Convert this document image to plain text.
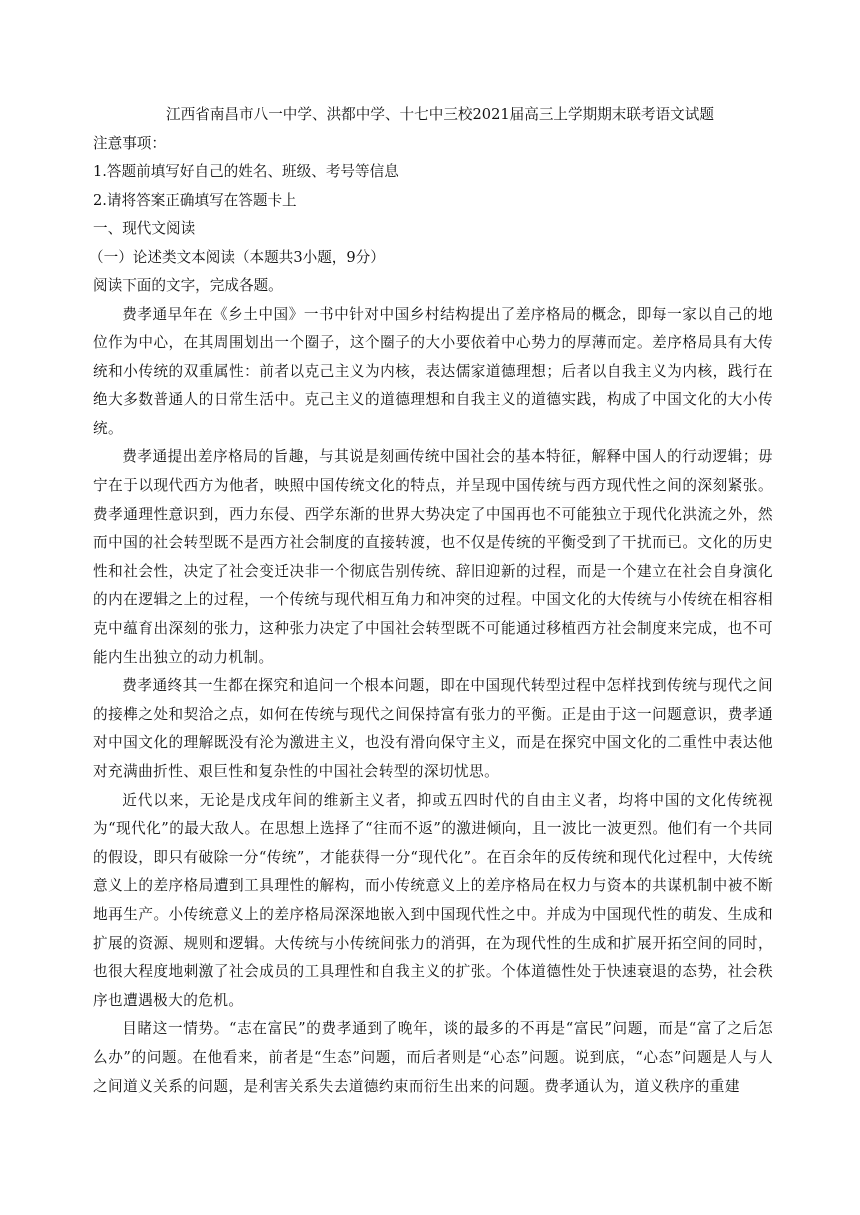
江西省南昌市八一中学、洪都中学、十七中三校2021届高三上学期期末联考语文试题
注意事项：
1.答题前填写好自己的姓名、班级、考号等信息
2.请将答案正确填写在答题卡上
一、现代文阅读
（一）论述类文本阅读（本题共3小题，9分）
阅读下面的文字，完成各题。
费孝通早年在《乡土中国》一书中针对中国乡村结构提出了差序格局的概念，即每一家以自己的地位作为中心，在其周围划出一个圈子，这个圈子的大小要依着中心势力的厚薄而定。差序格局具有大传统和小传统的双重属性：前者以克己主义为内核，表达儒家道德理想；后者以自我主义为内核，践行在绝大多数普通人的日常生活中。克己主义的道德理想和自我主义的道德实践，构成了中国文化的大小传统。
费孝通提出差序格局的旨趣，与其说是刻画传统中国社会的基本特征，解释中国人的行动逻辑；毋宁在于以现代西方为他者，映照中国传统文化的特点，并呈现中国传统与西方现代性之间的深刻紧张。费孝通理性意识到，西力东侵、西学东渐的世界大势决定了中国再也不可能独立于现代化洪流之外，然而中国的社会转型既不是西方社会制度的直接转渡，也不仅是传统的平衡受到了干扰而已。文化的历史性和社会性，决定了社会变迁决非一个彻底告别传统、辞旧迎新的过程，而是一个建立在社会自身演化的内在逻辑之上的过程，一个传统与现代相互角力和冲突的过程。中国文化的大传统与小传统在相容相克中蕴育出深刻的张力，这种张力决定了中国社会转型既不可能通过移植西方社会制度来完成，也不可能内生出独立的动力机制。
费孝通终其一生都在探究和追问一个根本问题，即在中国现代转型过程中怎样找到传统与现代之间的接榫之处和契洽之点，如何在传统与现代之间保持富有张力的平衡。正是由于这一问题意识，费孝通对中国文化的理解既没有沦为激进主义，也没有滑向保守主义，而是在探究中国文化的二重性中表达他对充满曲折性、艰巨性和复杂性的中国社会转型的深切忧思。
近代以来，无论是戊戌年间的维新主义者，抑或五四时代的自由主义者，均将中国的文化传统视为“现代化”的最大敌人。在思想上选择了“往而不返”的激进倾向，且一波比一波更烈。他们有一个共同的假设，即只有破除一分“传统”，才能获得一分“现代化”。在百余年的反传统和现代化过程中，大传统意义上的差序格局遭到工具理性的解构，而小传统意义上的差序格局在权力与资本的共谋机制中被不断地再生产。小传统意义上的差序格局深深地嵌入到中国现代性之中。并成为中国现代性的萌发、生成和扩展的资源、规则和逻辑。大传统与小传统间张力的消弭，在为现代性的生成和扩展开拓空间的同时，也很大程度地刺激了社会成员的工具理性和自我主义的扩张。个体道德性处于快速衰退的态势，社会秩序也遭遇极大的危机。
目睹这一情势。“志在富民”的费孝通到了晚年，谈的最多的不再是“富民”问题，而是“富了之后怎么办”的问题。在他看来，前者是“生态”问题，而后者则是“心态”问题。说到底，“心态”问题是人与人之间道义关系的问题，是利害关系失去道德约束而衍生出来的问题。费孝通认为，道义秩序的重建
